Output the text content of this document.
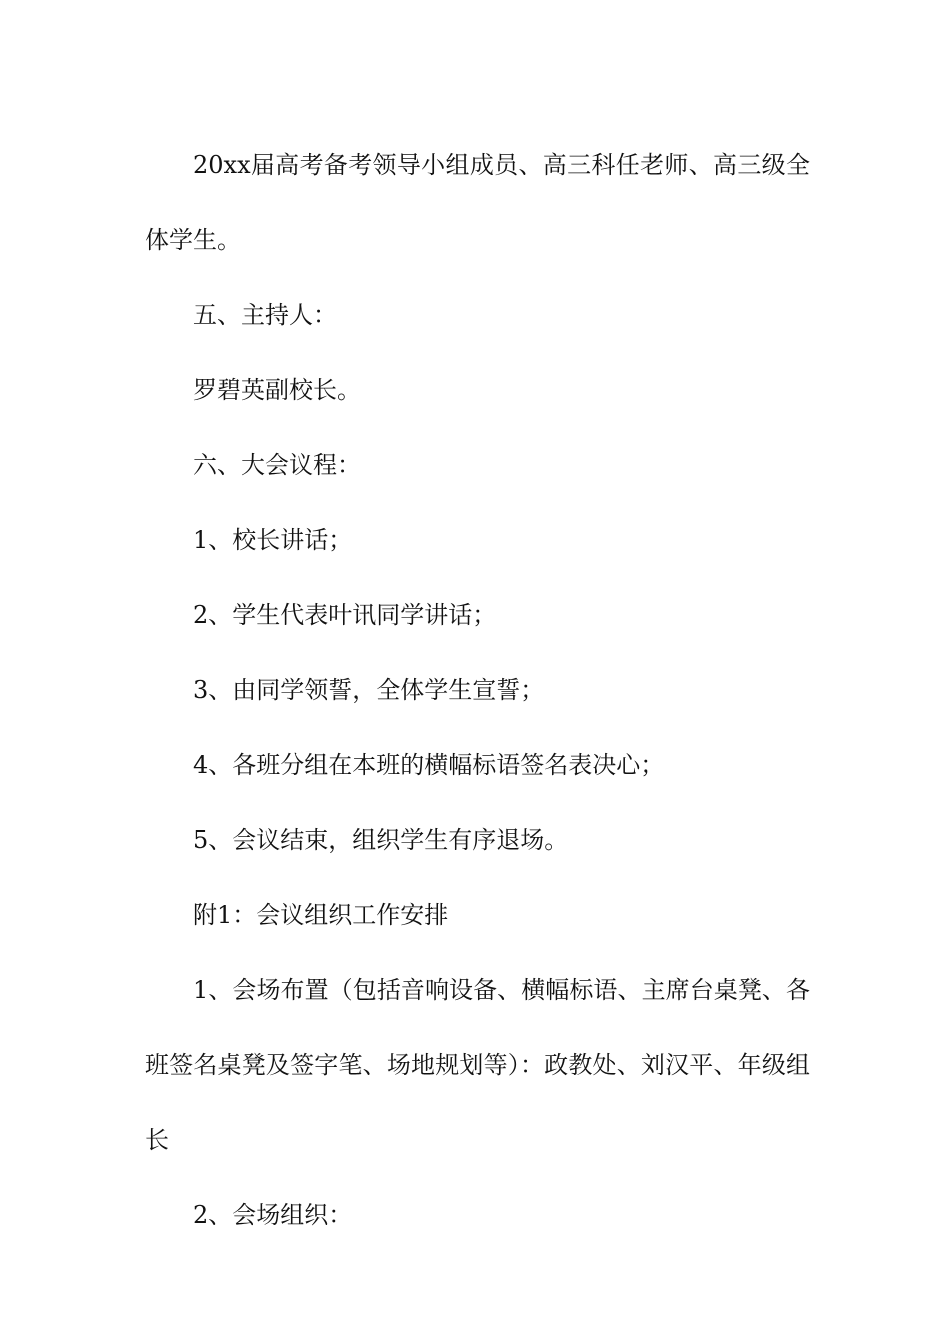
20xx届高考备考领导小组成员、高三科任老师、高三级全体学生。

五、主持人：

罗碧英副校长。

六、大会议程：

1、校长讲话；

2、学生代表叶讯同学讲话；

3、由同学领誓，全体学生宣誓；

4、各班分组在本班的横幅标语签名表决心；

5、会议结束，组织学生有序退场。

附1：会议组织工作安排

1、会场布置（包括音响设备、横幅标语、主席台桌凳、各班签名桌凳及签字笔、场地规划等）：政教处、刘汉平、年级组长

2、会场组织：
